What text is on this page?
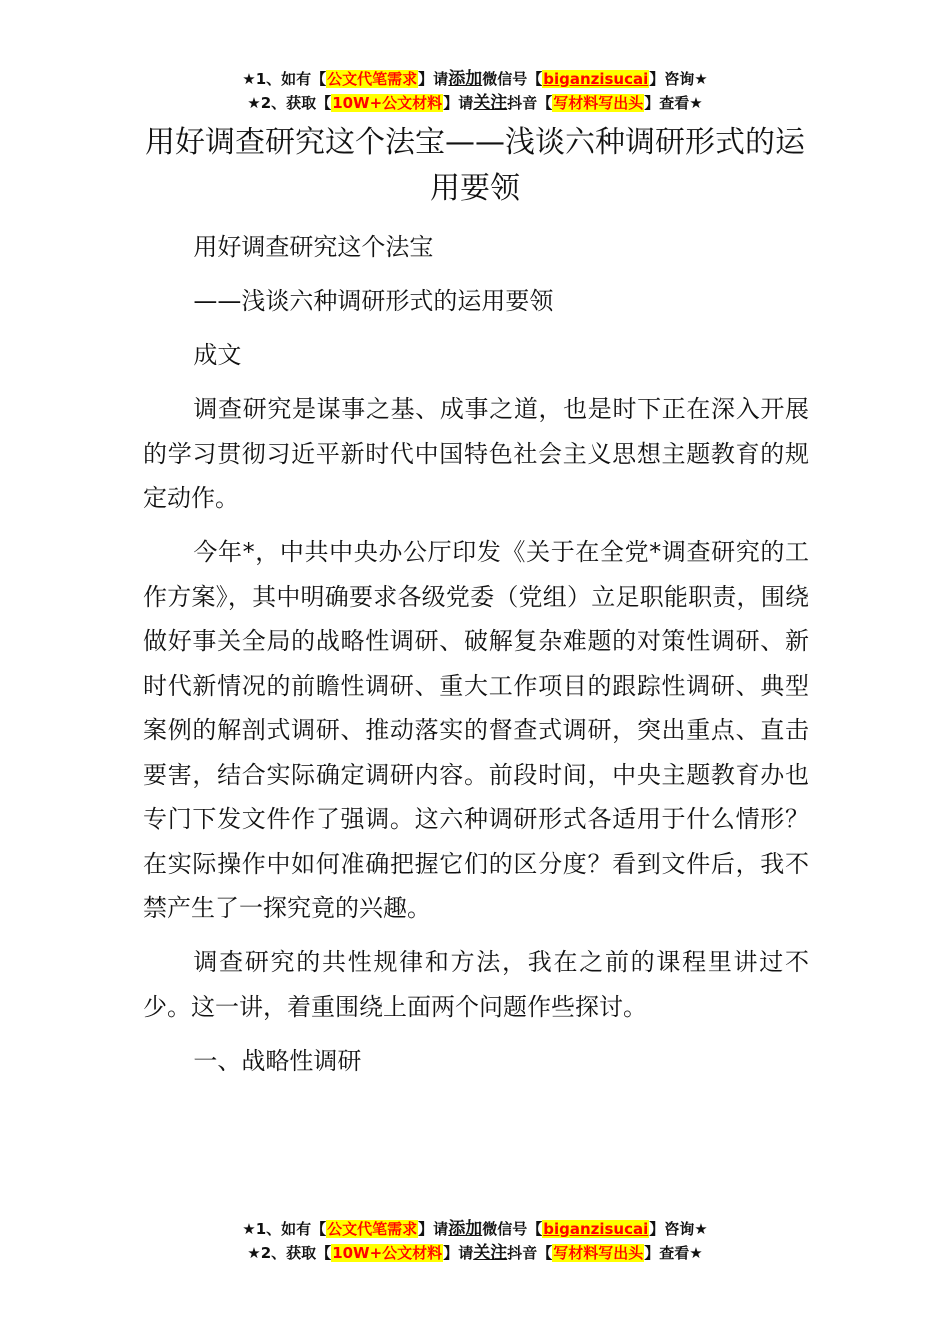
★1、如有【公文代笔需求】请添加微信号【biganzisucai】咨询★
★2、获取【10W+公文材料】请关注抖音【写材料写出头】查看★
用好调查研究这个法宝——浅谈六种调研形式的运用要领

用好调查研究这个法宝

——浅谈六种调研形式的运用要领

成文

调查研究是谋事之基、成事之道，也是时下正在深入开展的学习贯彻习近平新时代中国特色社会主义思想主题教育的规定动作。

今年*，中共中央办公厅印发《关于在全党*调查研究的工作方案》，其中明确要求各级党委（党组）立足职能职责，围绕做好事关全局的战略性调研、破解复杂难题的对策性调研、新时代新情况的前瞻性调研、重大工作项目的跟踪性调研、典型案例的解剖式调研、推动落实的督查式调研，突出重点、直击要害，结合实际确定调研内容。前段时间，中央主题教育办也专门下发文件作了强调。这六种调研形式各适用于什么情形？在实际操作中如何准确把握它们的区分度？看到文件后，我不禁产生了一探究竟的兴趣。

调查研究的共性规律和方法，我在之前的课程里讲过不少。这一讲，着重围绕上面两个问题作些探讨。

一、战略性调研

★1、如有【公文代笔需求】请添加微信号【biganzisucai】咨询★
★2、获取【10W+公文材料】请关注抖音【写材料写出头】查看★
